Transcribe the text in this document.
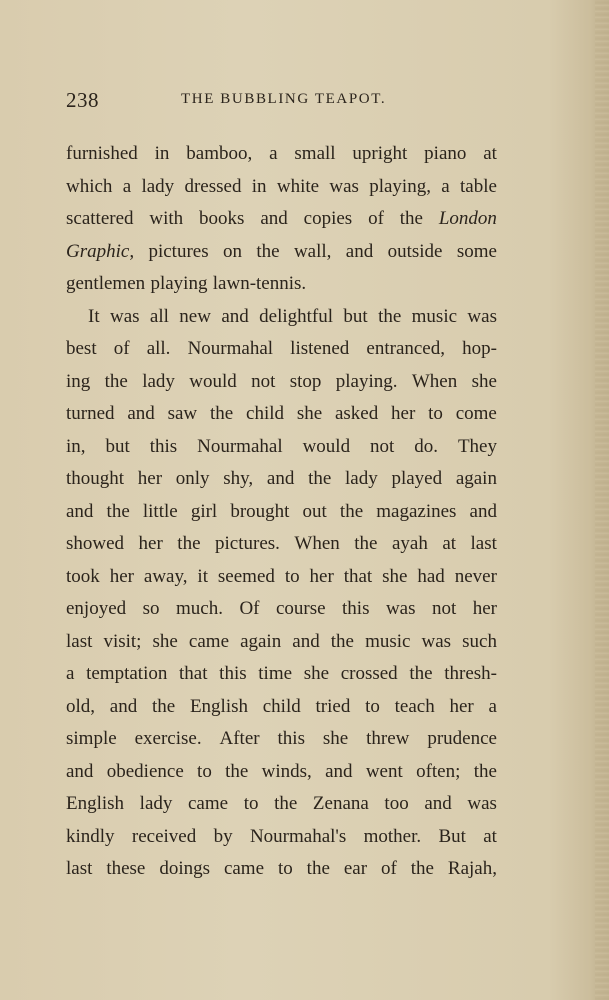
238	THE BUBBLING TEAPOT.
furnished in bamboo, a small upright piano at
which a lady dressed in white was playing, a table
scattered with books and copies of the London
Graphic, pictures on the wall, and outside some
gentlemen playing lawn-tennis.
It was all new and delightful but the music was
best of all. Nourmahal listened entranced, hop-
ing the lady would not stop playing. When she
turned and saw the child she asked her to come
in, but this Nourmahal would not do. They
thought her only shy, and the lady played again
and the little girl brought out the magazines and
showed her the pictures. When the ayah at last
took her away, it seemed to her that she had never
enjoyed so much. Of course this was not her
last visit; she came again and the music was such
a temptation that this time she crossed the thresh-
old, and the English child tried to teach her a
simple exercise. After this she threw prudence
and obedience to the winds, and went often; the
English lady came to the Zenana too and was
kindly received by Nourmahal's mother. But at
last these doings came to the ear of the Rajah,
